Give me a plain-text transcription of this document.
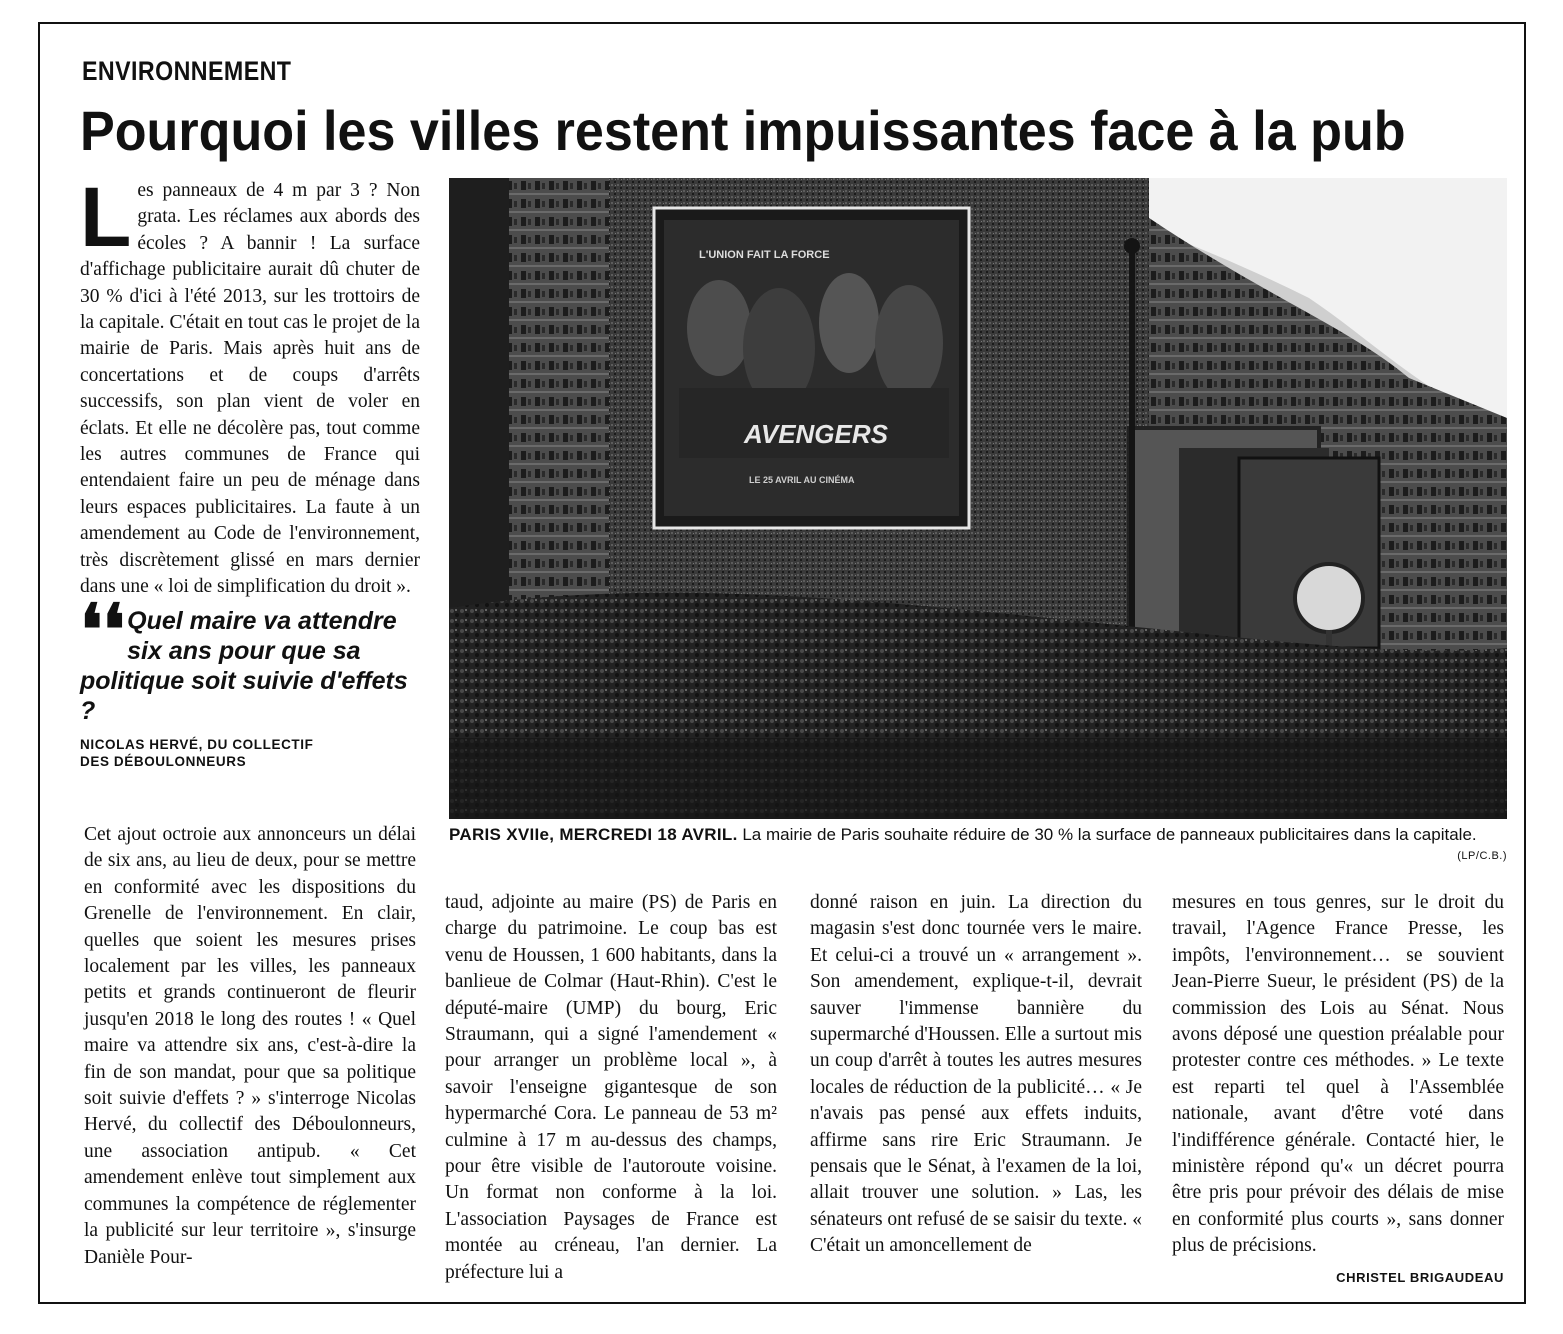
ENVIRONNEMENT
Pourquoi les villes restent impuissantes face à la pub
Les panneaux de 4 m par 3 ? Non grata. Les réclames aux abords des écoles ? A bannir ! La surface d'affichage publicitaire aurait dû chuter de 30 % d'ici à l'été 2013, sur les trottoirs de la capitale. C'était en tout cas le projet de la mairie de Paris. Mais après huit ans de concertations et de coups d'arrêts successifs, son plan vient de voler en éclats. Et elle ne décolère pas, tout comme les autres communes de France qui entendaient faire un peu de ménage dans leurs espaces publicitaires. La faute à un amendement au Code de l'environnement, très discrètement glissé en mars dernier dans une « loi de simplification du droit ».
❛❛ Quel maire va attendre six ans pour que sa politique soit suivie d'effets ?
NICOLAS HERVÉ, DU COLLECTIF DES DÉBOULONNEURS
L'UNION FAIT LA FORCE
AVENGERS
LE 25 AVRIL AU CINÉMA
PARIS XVIIe, MERCREDI 18 AVRIL. La mairie de Paris souhaite réduire de 30 % la surface de panneaux publicitaires dans la capitale.
(LP/C.B.)

Cet ajout octroie aux annonceurs un délai de six ans, au lieu de deux, pour se mettre en conformité avec les dispositions du Grenelle de l'environnement. En clair, quelles que soient les mesures prises localement par les villes, les panneaux petits et grands continueront de fleurir jusqu'en 2018 le long des routes ! « Quel maire va attendre six ans, c'est-à-dire la fin de son mandat, pour que sa politique soit suivie d'effets ? » s'interroge Nicolas Hervé, du collectif des Déboulonneurs, une association antipub. « Cet amendement enlève tout simplement aux communes la compétence de réglementer la publicité sur leur territoire », s'insurge Danièle Pour-

taud, adjointe au maire (PS) de Paris en charge du patrimoine. Le coup bas est venu de Houssen, 1 600 habitants, dans la banlieue de Colmar (Haut-Rhin). C'est le député-maire (UMP) du bourg, Eric Straumann, qui a signé l'amendement « pour arranger un problème local », à savoir l'enseigne gigantesque de son hypermarché Cora. Le panneau de 53 m² culmine à 17 m au-dessus des champs, pour être visible de l'autoroute voisine. Un format non conforme à la loi. L'association Paysages de France est montée au créneau, l'an dernier. La préfecture lui a

donné raison en juin. La direction du magasin s'est donc tournée vers le maire. Et celui-ci a trouvé un « arrangement ». Son amendement, explique-t-il, devrait sauver l'immense bannière du supermarché d'Houssen. Elle a surtout mis un coup d'arrêt à toutes les autres mesures locales de réduction de la publicité… « Je n'avais pas pensé aux effets induits, affirme sans rire Eric Straumann. Je pensais que le Sénat, à l'examen de la loi, allait trouver une solution. » Las, les sénateurs ont refusé de se saisir du texte. « C'était un amoncellement de

mesures en tous genres, sur le droit du travail, l'Agence France Presse, les impôts, l'environnement… se souvient Jean-Pierre Sueur, le président (PS) de la commission des Lois au Sénat. Nous avons déposé une question préalable pour protester contre ces méthodes. » Le texte est reparti tel quel à l'Assemblée nationale, avant d'être voté dans l'indifférence générale. Contacté hier, le ministère répond qu'« un décret pourra être pris pour prévoir des délais de mise en conformité plus courts », sans donner plus de précisions.

CHRISTEL BRIGAUDEAU
